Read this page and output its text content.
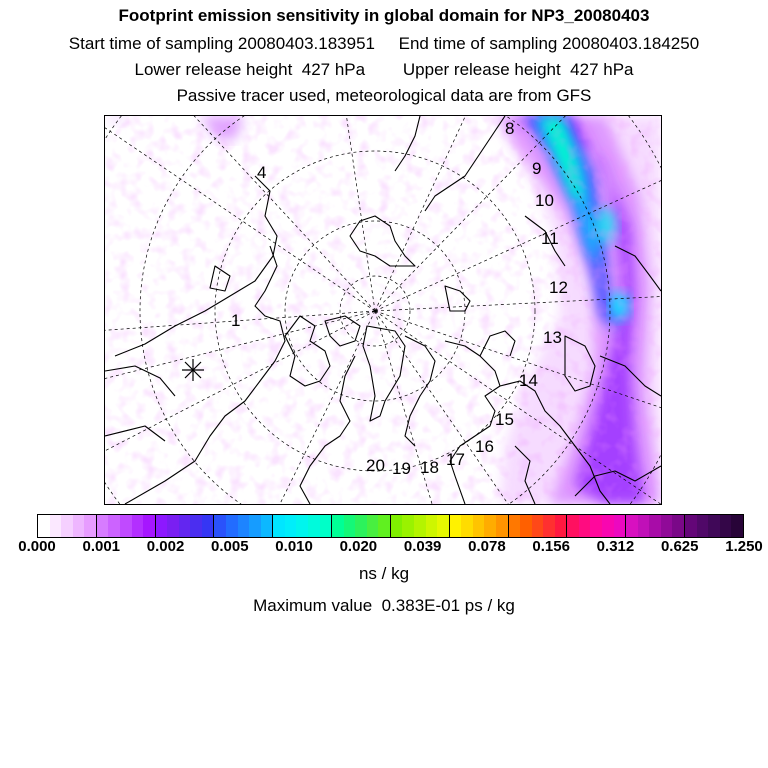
Footprint emission sensitivity in global domain for NP3_20080403
Start time of sampling 20080403.183951     End time of sampling 20080403.184250
Lower release height  427 hPa        Upper release height  427 hPa
Passive tracer used, meteorological data are from GFS
1
4
8
9
10
11
12
13
14
15
16
17
18
19
20
0.000 0.001 0.002 0.005 0.010 0.020 0.039 0.078 0.156 0.312 0.625 1.250
ns / kg
Maximum value  0.383E-01 ps / kg
